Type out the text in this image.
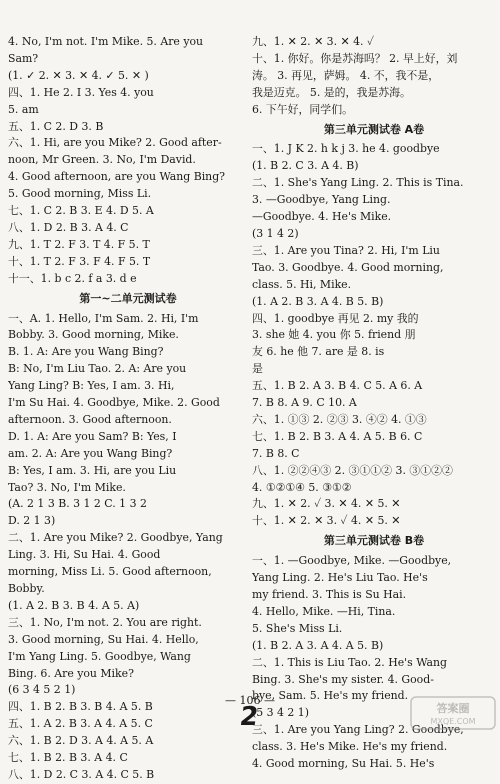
4. No, I'm not. I'm Mike. 5. Are you
Sam?
(1. ✓ 2. ✕ 3. ✕ 4. ✓ 5. ✕ )
四、1. He 2. I 3. Yes 4. you
5. am
五、1. C 2. D 3. B
六、1. Hi, are you Mike? 2. Good after-
noon, Mr Green. 3. No, I'm David.
4. Good afternoon, are you Wang Bing?
5. Good morning, Miss Li.
七、1. C 2. B 3. E 4. D 5. A
八、1. D 2. B 3. A 4. C
九、1. T 2. F 3. T 4. F 5. T
十、1. T 2. F 3. F 4. F 5. T
十一、1. b c 2. f a 3. d e
第一~二单元测试卷
一、A. 1. Hello, I'm Sam. 2. Hi, I'm
Bobby. 3. Good morning, Mike.
B. 1. A: Are you Wang Bing?
B: No, I'm Liu Tao. 2. A: Are you
Yang Ling? B: Yes, I am. 3. Hi,
I'm Su Hai. 4. Goodbye, Mike. 2. Good
afternoon. 3. Good afternoon.
D. 1. A: Are you Sam? B: Yes, I
am. 2. A: Are you Wang Bing?
B: Yes, I am. 3. Hi, are you Liu
Tao? 3. No, I'm Mike.
(A. 2 1 3 B. 3 1 2 C. 1 3 2
D. 2 1 3)
二、1. Are you Mike? 2. Goodbye, Yang
Ling. 3. Hi, Su Hai. 4. Good
morning, Miss Li. 5. Good afternoon,
Bobby.
(1. A 2. B 3. B 4. A 5. A)
三、1. No, I'm not. 2. You are right.
3. Good morning, Su Hai. 4. Hello,
I'm Yang Ling. 5. Goodbye, Wang
Bing. 6. Are you Mike?
(6 3 4 5 2 1)
四、1. B 2. B 3. B 4. A 5. B
五、1. A 2. B 3. A 4. A 5. C
六、1. B 2. D 3. A 4. A 5. A
七、1. B 2. B 3. A 4. C
八、1. D 2. C 3. A 4. C 5. B
九、1. ✕ 2. ✕ 3. ✕ 4. ✓
十、1. 你好。你是苏海吗？ 2. 早上好，刘
涛。 3. 再见，萨姆。 4. 不，我不是，
我是迈克。 5. 是的，我是苏海。
6. 下午好，同学们。
第三单元测试卷 A卷
一、1. J K 2. h k j 3. he 4. goodbye
(1. B 2. C 3. A 4. B)
二、1. She's Yang Ling. 2. This is Tina.
3. —Goodbye, Yang Ling.
—Goodbye. 4. He's Mike.
(3 1 4 2)
三、1. Are you Tina? 2. Hi, I'm Liu
Tao. 3. Goodbye. 4. Good morning,
class. 5. Hi, Mike.
(1. A 2. B 3. A 4. B 5. B)
四、1. goodbye 再见 2. my 我的
3. she 她 4. you 你 5. friend 朋
友 6. he 他 7. are 是 8. is
是
五、1. B 2. A 3. B 4. C 5. A 6. A
7. B 8. A 9. C 10. A
六、1. ①③ 2. ②③ 3. ④② 4. ①③
七、1. B 2. B 3. A 4. A 5. B 6. C
7. B 8. C
八、1. ②②④③ 2. ③①①② 3. ③①②②
4. ①②①④ 5. ③①②
九、1. ✕ 2. ✓ 3. ✕ 4. ✕ 5. ✕
十、1. ✕ 2. ✕ 3. ✓ 4. ✕ 5. ✕
第三单元测试卷 B卷
一、1. —Goodbye, Mike. —Goodbye,
Yang Ling. 2. He's Liu Tao. He's
my friend. 3. This is Su Hai.
4. Hello, Mike. —Hi, Tina.
5. She's Miss Li.
(1. B 2. A 3. A 4. A 5. B)
二、1. This is Liu Tao. 2. He's Wang
Bing. 3. She's my sister. 4. Good-
bye, Sam. 5. He's my friend.
(5 3 4 2 1)
三、1. Are you Yang Ling? 2. Goodbye,
class. 3. He's Mike. He's my friend.
4. Good morning, Su Hai. 5. He's
— 106 —
2	答案圈
MXQE.COM
